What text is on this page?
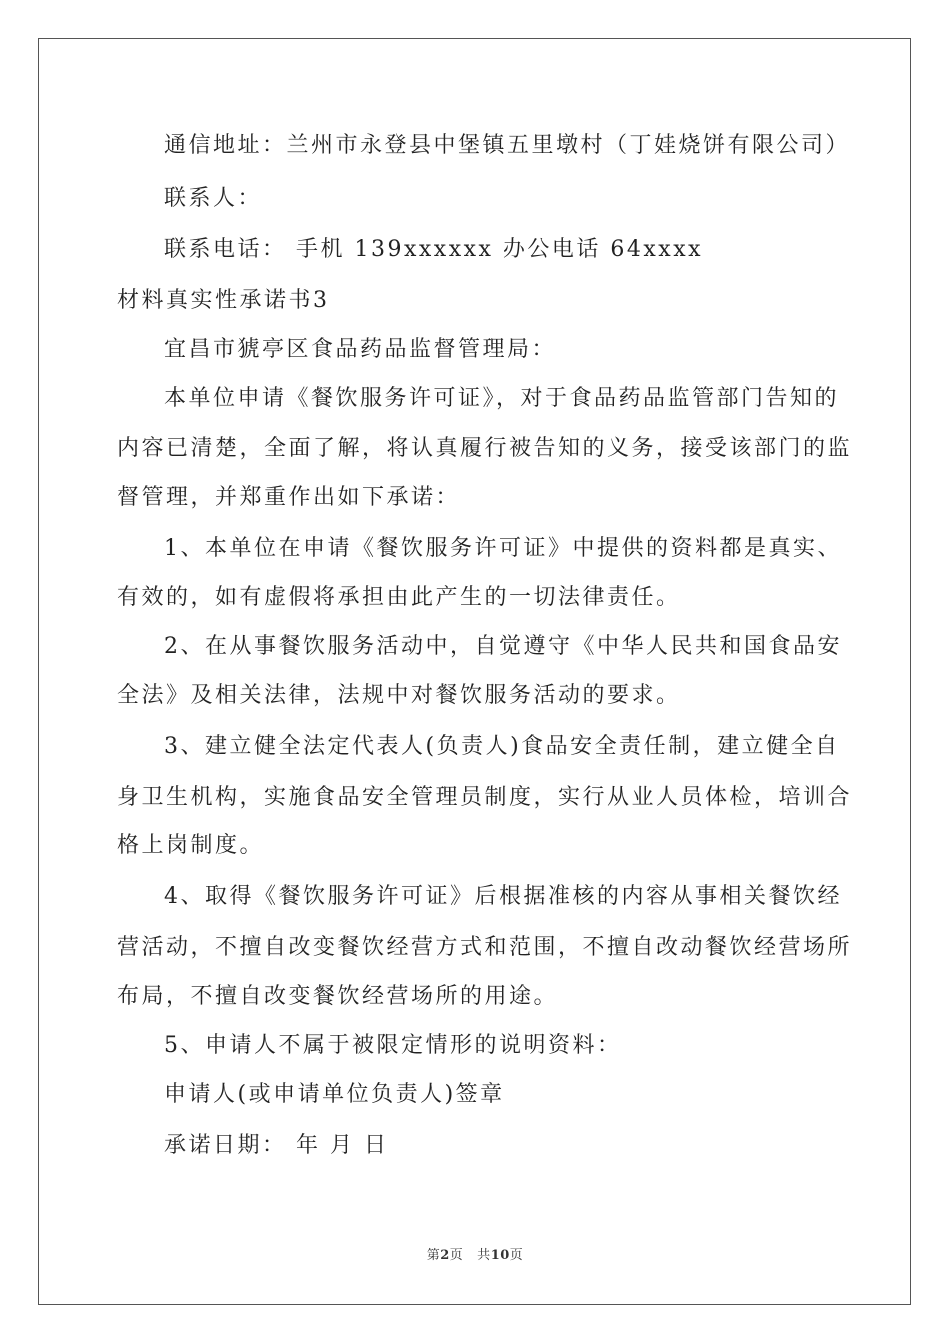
通信地址：兰州市永登县中堡镇五里墩村（丁娃烧饼有限公司）
联系人：
联系电话： 手机 139xxxxxx 办公电话 64xxxx
材料真实性承诺书3
宜昌市猇亭区食品药品监督管理局：
本单位申请《餐饮服务许可证》，对于食品药品监管部门告知的
内容已清楚，全面了解，将认真履行被告知的义务，接受该部门的监
督管理，并郑重作出如下承诺：
1、本单位在申请《餐饮服务许可证》中提供的资料都是真实、
有效的，如有虚假将承担由此产生的一切法律责任。
2、在从事餐饮服务活动中，自觉遵守《中华人民共和国食品安
全法》及相关法律，法规中对餐饮服务活动的要求。
3、建立健全法定代表人(负责人)食品安全责任制，建立健全自
身卫生机构，实施食品安全管理员制度，实行从业人员体检，培训合
格上岗制度。
4、取得《餐饮服务许可证》后根据准核的内容从事相关餐饮经
营活动，不擅自改变餐饮经营方式和范围，不擅自改动餐饮经营场所
布局，不擅自改变餐饮经营场所的用途。
5、申请人不属于被限定情形的说明资料：
申请人(或申请单位负责人)签章
承诺日期： 年 月 日
第2页 共10页
